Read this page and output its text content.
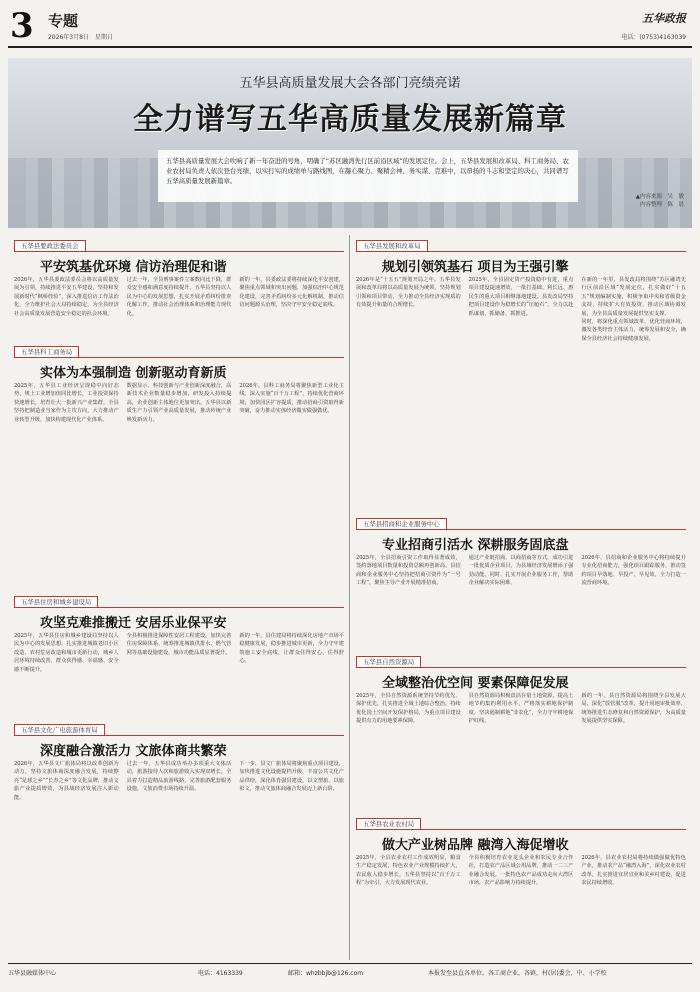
3 专题
2026年3月8日　星期日
五华政报
电话：(0753)4163039
五华县高质量发展大会各部门亮绩亮诺
全力谱写五华高质量发展新篇章
五华县高质量发展大会吹响了新一年奋进的号角，明确了“苏区融湾先行区前沿区域”的发展定位。会上，五华县发展和改革局、科工商务局、农业农村局负责人依次登台亮绩，以实打实的成绩单与路线图，在凝心聚力、聚精会神、务实谋、克难中，以昂扬的斗志和坚定的决心，共同谱写五华高质量发展新篇章。
▲内容来源　吴　敏
内容整理　陈　晨
五华县要政法委员会
平安筑基优环境 信访治理促和谐
2026年，五华县委政法委员会将以高质量发展为引领，持续推进平安五华建设，坚持和发展新时代“枫桥经验”，深入推进信访工作法治化，全力维护社会大局持续稳定，为全县经济社会高质量发展营造安全稳定的社会环境。
过去一年，全县刑事案件立案数同比下降，群众安全感和满意度持续提升。五华县坚持以人民为中心的发展思想，扎实开展矛盾纠纷排查化解工作，推动社会治理体系和治理能力现代化。
新的一年，县委政法委将持续深化平安创建，聚焦重点领域和突出问题，加强综治中心规范化建设，完善矛盾纠纷多元化解机制，推动信访问题源头治理，坚决守牢安全稳定底线。
五华县科工商务局
实体为本强制造 创新驱动育新质
2025年，五华县工业经济呈现稳中向好态势，规上工业增加值同比增长，工业投资保持快速增长，培育壮大一批新兴产业集群。全县坚持把制造业当家作为主攻方向，大力推动产业转型升级，加快构建现代化产业体系。
数据显示，科技创新与产业创新深度融合，高新技术企业数量稳步增加，研发投入持续提高，企业创新主体地位更加突出。五华县以新质生产力引领产业高质量发展，推动传统产业焕发新活力。
2026年，县科工商务局将聚焦新型工业化主线，深入实施“百千万工程”，持续优化营商环境，加快园区扩容提质，推动招商引资取得新突破，奋力推动实体经济做实做强做优。
五华县住房和城乡建设局
攻坚克难推搬迁 安居乐业保平安
2025年，五华县住房和城乡建设局坚持以人民为中心的发展思想，扎实推进城镇老旧小区改造、农村危房改造和城市更新行动，城乡人居环境持续改善，群众获得感、幸福感、安全感不断提升。
全县积极推进保障性安居工程建设，加快完善住房保障体系，统筹推进城镇供排水、燃气管网等基础设施建设，城市功能品质显著提升。
新的一年，县住建局将持续深化房地产市场平稳健康发展，稳步推进城市更新，全力守牢建筑施工安全底线，让群众住得安心、住得舒心。
五华县文化广电旅游体育局
深度融合激活力 文旅体商共繁荣
2026年，五华县文广旅体局将以改革创新为动力，坚持文旅体商深度融合发展，持续擦亮“足球之乡”“长寿之乡”等文化品牌，推动文旅产业提质增效，为县域经济发展注入新动能。
过去一年，五华县成功举办多项重大文体活动，旅游接待人次和旅游收入实现双增长。全县着力打造精品旅游线路，完善旅游配套服务设施，文旅消费市场持续升温。
下一步，县文广旅体局将聚焦重点项目建设，加快推进文化设施提档升级，丰富公共文化产品供给，深化体育强县建设，以文塑旅、以旅彰文，推动文旅体商融合发展迈上新台阶。
五华县发展和改革局
规划引领筑基石 项目为王强引擎
2026年是“十五五”规划开局之年。五华县发展和改革局将以高质量发展为统领，坚持规划引领和项目带动，全力推动全县经济实现质的有效提升和量的合理增长。
2025年，全县固定资产投资稳中有进，重点项目建设提速增效，一批打基础、利长远、惠民生的重大项目相继落地建设。县发改局坚持把项目建设作为稳增长的“压舱石”，全力以赴抓谋划、抓储备、抓推进。
在新的一年里，县发改局将围绕“苏区融湾先行区前沿区域”发展定位，扎实做好“十五五”规划编制实施，积极争取中央和省级资金支持，持续扩大有效投资，推动区域协调发展，为全县高质量发展提供坚实支撑。
同时，将深化重点领域改革，优化营商环境，激发各类经营主体活力，统筹发展和安全，确保全县经济社会持续健康发展。
五华县招商和企业服务中心
专业招商引活水 深耕服务固底盘
2025年，全县招商引资工作取得显著成效，签约落地项目数量和投资总额再创新高。县招商和企业服务中心坚持把招商引资作为“一号工程”，聚焦主导产业开展精准招商。
通过产业链招商、以商招商等方式，成功引进一批优质企业项目，为县域经济发展增添了强劲动能。同时，扎实开展企业服务工作，帮助企业解决实际困难。
2026年，县招商和企业服务中心将持续提升专业化招商能力，强化项目跟踪服务，推动签约项目早落地、早投产、早见效，全力打造一流营商环境。
五华县自然资源局
全域整治优空间 要素保障促发展
2025年，全县自然资源系统坚持节约优先、保护优先，扎实推进全域土地综合整治，持续优化国土空间开发保护格局，为重点项目建设提供有力的用地要素保障。
县自然资源局积极盘活存量土地资源，提高土地节约集约利用水平，严格落实耕地保护制度，坚决遏制耕地“非农化”，全力守牢耕地保护红线。
新的一年，县自然资源局将围绕全县发展大局，深化“放管服”改革，提升用地审批效率，统筹推进生态修复和自然资源保护，为高质量发展提供坚实保障。
五华县农业农村局
做大产业树品牌 融湾入海促增收
2025年，全县农业农村工作成效明显，粮食生产稳定发展，特色农业产业规模持续扩大，农民收入稳步增长。五华县坚持以“百千万工程”为牵引，大力发展现代农业。
全县积极培育农业龙头企业和农民专业合作社，打造农产品区域公用品牌，推动一二三产业融合发展。一批特色农产品成功走向大湾区市场，农产品影响力持续提升。
2026年，县农业农村局将持续做强做优特色产业，推动农产品“融湾入海”，深化农业农村改革，扎实推进宜居宜业和美乡村建设，促进农民持续增收。
五华县融媒体中心	电话：4163339	邮箱：whzbbjb@126.com	本报发至县直各单位，各工商企业，各镇，村(居)委会，中、小学校
